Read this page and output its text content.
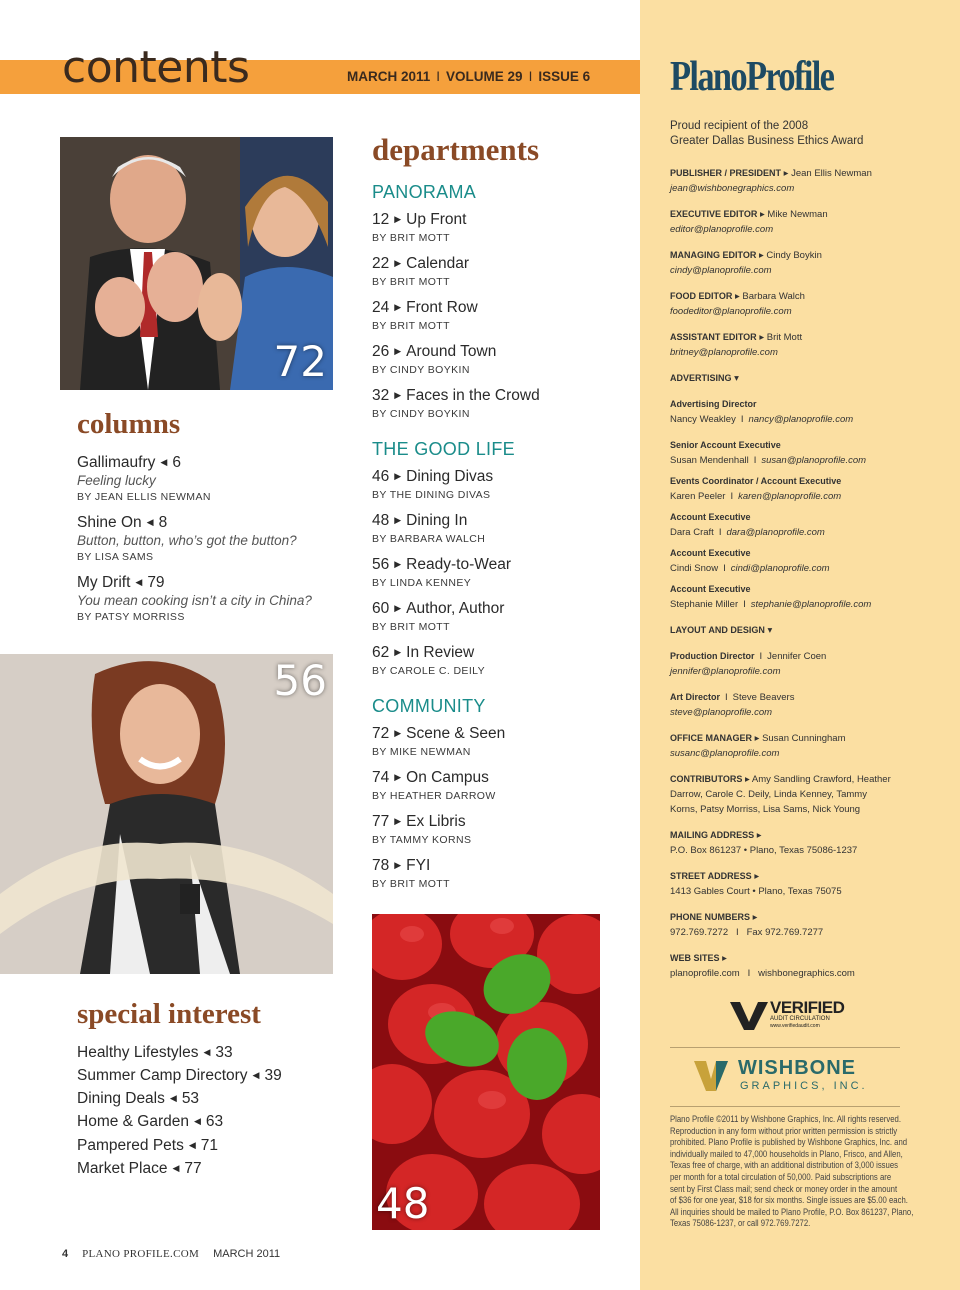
contents	MARCH 2011 I VOLUME 29 I ISSUE 6
72
columns
Gallimaufry ◀ 6
Feeling lucky
BY JEAN ELLIS NEWMAN
Shine On ◀ 8
Button, button, who’s got the button?
BY LISA SAMS
My Drift ◀ 79
You mean cooking isn’t a city in China?
BY PATSY MORRISS
56
special interest
Healthy Lifestyles ◀ 33
Summer Camp Directory ◀ 39
Dining Deals ◀ 53
Home & Garden ◀ 63
Pampered Pets ◀ 71
Market Place ◀ 77
departments
PANORAMA
12 ▶ Up Front
BY BRIT MOTT
22 ▶ Calendar
BY BRIT MOTT
24 ▶ Front Row
BY BRIT MOTT
26 ▶ Around Town
BY CINDY BOYKIN
32 ▶ Faces in the Crowd
BY CINDY BOYKIN
THE GOOD LIFE
46 ▶ Dining Divas
BY THE DINING DIVAS
48 ▶ Dining In
BY BARBARA WALCH
56 ▶ Ready-to-Wear
BY LINDA KENNEY
60 ▶ Author, Author
BY BRIT MOTT
62 ▶ In Review
BY CAROLE C. DEILY
COMMUNITY
72 ▶ Scene & Seen
BY MIKE NEWMAN
74 ▶ On Campus
BY HEATHER DARROW
77 ▶ Ex Libris
BY TAMMY KORNS
78 ▶ FYI
BY BRIT MOTT
48
4 PLANO PROFILE.COM MARCH 2011
PlanoProfile
Proud recipient of the 2008
Greater Dallas Business Ethics Award
PUBLISHER / PRESIDENT ▸ Jean Ellis Newman
jean@wishbonegraphics.com
EXECUTIVE EDITOR ▸ Mike Newman
editor@planoprofile.com
MANAGING EDITOR ▸ Cindy Boykin
cindy@planoprofile.com
FOOD EDITOR ▸ Barbara Walch
foodeditor@planoprofile.com
ASSISTANT EDITOR ▸ Brit Mott
britney@planoprofile.com
ADVERTISING ▾
Advertising Director
Nancy Weakley I nancy@planoprofile.com
Senior Account Executive
Susan Mendenhall I susan@planoprofile.com
Events Coordinator / Account Executive
Karen Peeler I karen@planoprofile.com
Account Executive
Dara Craft I dara@planoprofile.com
Account Executive
Cindi Snow I cindi@planoprofile.com
Account Executive
Stephanie Miller I stephanie@planoprofile.com
LAYOUT AND DESIGN ▾
Production Director I Jennifer Coen
jennifer@planoprofile.com
Art Director I Steve Beavers
steve@planoprofile.com
OFFICE MANAGER ▸ Susan Cunningham
susanc@planoprofile.com
CONTRIBUTORS ▸ Amy Sandling Crawford, Heather
Darrow, Carole C. Deily, Linda Kenney, Tammy
Korns, Patsy Morriss, Lisa Sams, Nick Young
MAILING ADDRESS ▸
P.O. Box 861237 • Plano, Texas 75086-1237
STREET ADDRESS ▸
1413 Gables Court • Plano, Texas 75075
PHONE NUMBERS ▸
972.769.7272   I   Fax 972.769.7277
WEB SITES ▸
planoprofile.com   I   wishbonegraphics.com
VERIFIED
AUDIT CIRCULATION
www.verifiedaudit.com
WISHBONE
GRAPHICS, INC.
Plano Profile ©2011 by Wishbone Graphics, Inc. All rights reserved.
Reproduction in any form without prior written permission is strictly
prohibited. Plano Profile is published by Wishbone Graphics, Inc. and
individually mailed to 47,000 households in Plano, Frisco, and Allen,
Texas free of charge, with an additional distribution of 3,000 issues
per month for a total circulation of 50,000. Paid subscriptions are
sent by First Class mail; send check or money order in the amount
of $36 for one year, $18 for six months. Single issues are $5.00 each.
All inquiries should be mailed to Plano Profile, P.O. Box 861237, Plano,
Texas 75086-1237, or call 972.769.7272.
